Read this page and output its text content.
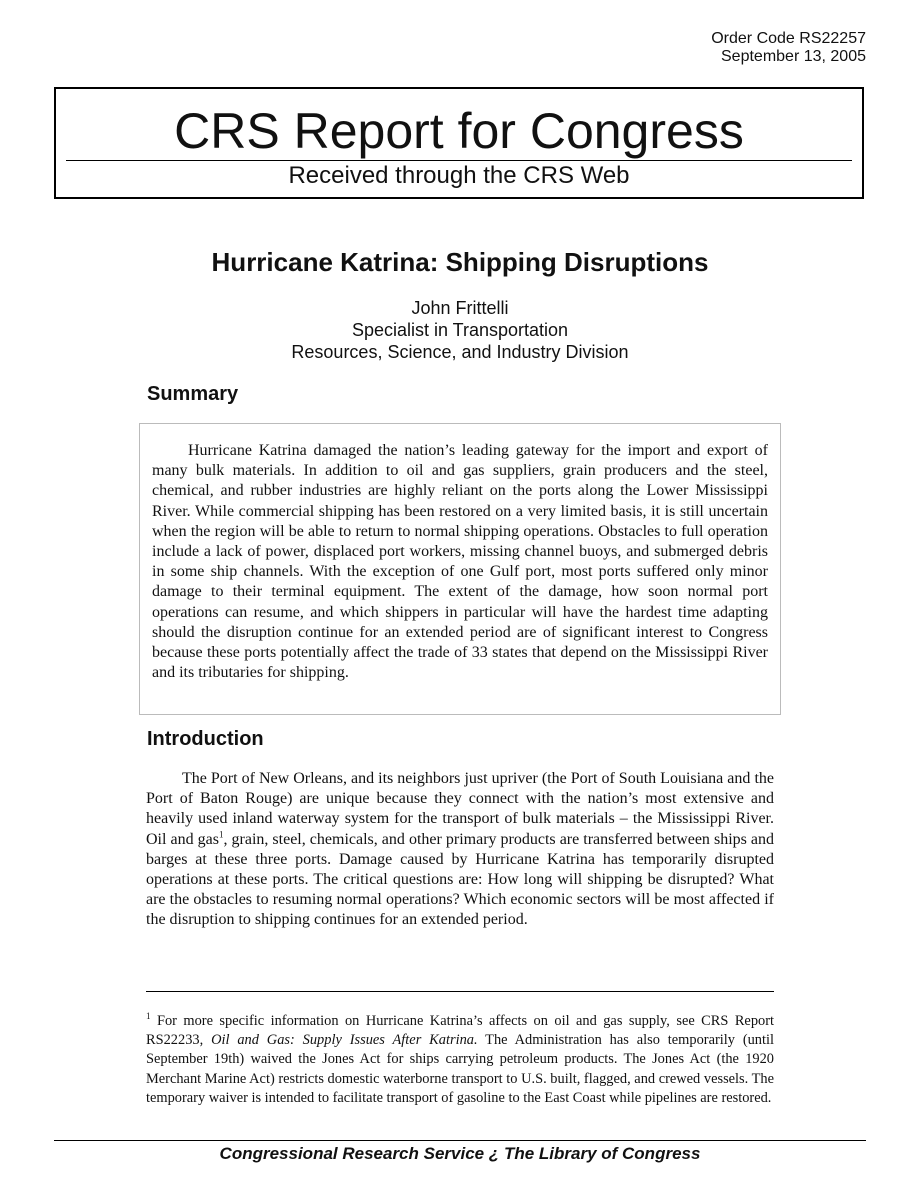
Order Code RS22257
September 13, 2005
CRS Report for Congress
Received through the CRS Web
Hurricane Katrina: Shipping Disruptions
John Frittelli
Specialist in Transportation
Resources, Science, and Industry Division
Summary

Hurricane Katrina damaged the nation’s leading gateway for the import and export of many bulk materials. In addition to oil and gas suppliers, grain producers and the steel, chemical, and rubber industries are highly reliant on the ports along the Lower Mississippi River. While commercial shipping has been restored on a very limited basis, it is still uncertain when the region will be able to return to normal shipping operations. Obstacles to full operation include a lack of power, displaced port workers, missing channel buoys, and submerged debris in some ship channels. With the exception of one Gulf port, most ports suffered only minor damage to their terminal equipment. The extent of the damage, how soon normal port operations can resume, and which shippers in particular will have the hardest time adapting should the disruption continue for an extended period are of significant interest to Congress because these ports potentially affect the trade of 33 states that depend on the Mississippi River and its tributaries for shipping.

Introduction

The Port of New Orleans, and its neighbors just upriver (the Port of South Louisiana and the Port of Baton Rouge) are unique because they connect with the nation’s most extensive and heavily used inland waterway system for the transport of bulk materials – the Mississippi River. Oil and gas$^1$, grain, steel, chemicals, and other primary products are transferred between ships and barges at these three ports. Damage caused by Hurricane Katrina has temporarily disrupted operations at these ports. The critical questions are: How long will shipping be disrupted? What are the obstacles to resuming normal operations? Which economic sectors will be most affected if the disruption to shipping continues for an extended period.

$^1$ For more specific information on Hurricane Katrina’s affects on oil and gas supply, see CRS Report RS22233, Oil and Gas: Supply Issues After Katrina. The Administration has also temporarily (until September 19th) waived the Jones Act for ships carrying petroleum products. The Jones Act (the 1920 Merchant Marine Act) restricts domestic waterborne transport to U.S. built, flagged, and crewed vessels. The temporary waiver is intended to facilitate transport of gasoline to the East Coast while pipelines are restored.

Congressional Research Service ¿ The Library of Congress
